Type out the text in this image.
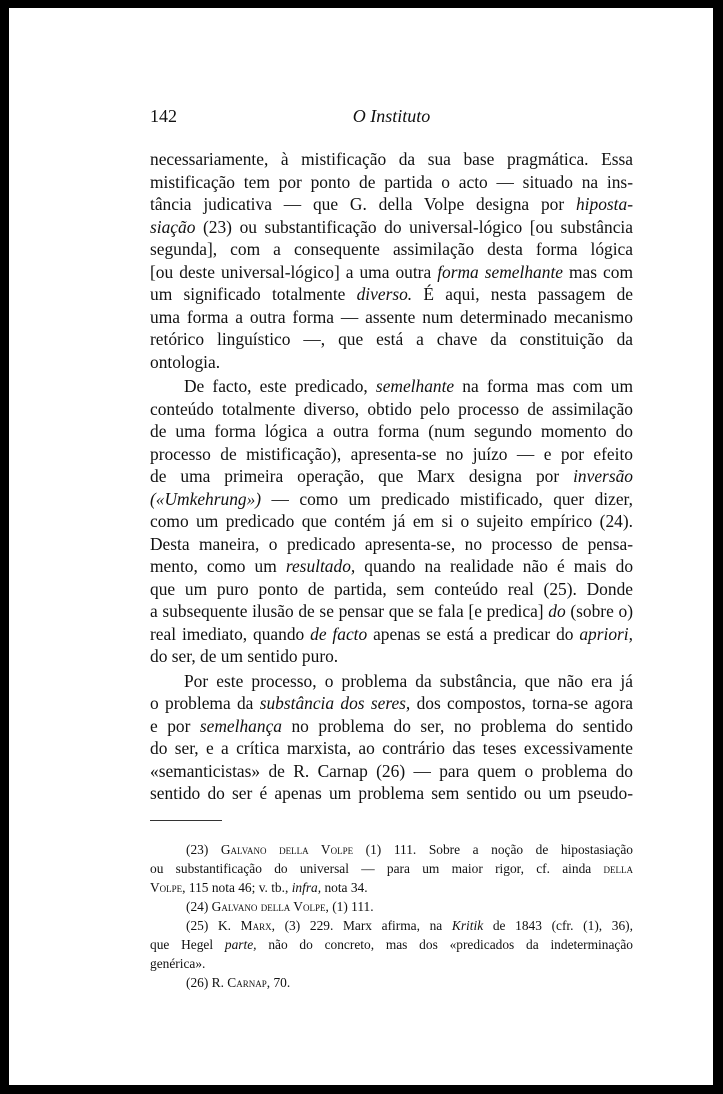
142	O Instituto
necessariamente, à mistificação da sua base pragmática. Essa
mistificação tem por ponto de partida o acto — situado na ins-
tância judicativa — que G. della Volpe designa por hiposta-
siação (23) ou substantificação do universal-lógico [ou substância
segunda], com a consequente assimilação desta forma lógica
[ou deste universal-lógico] a uma outra forma semelhante mas com
um significado totalmente diverso. É aqui, nesta passagem de
uma forma a outra forma — assente num determinado mecanismo
retórico linguístico —, que está a chave da constituição da
ontologia.
De facto, este predicado, semelhante na forma mas com um
conteúdo totalmente diverso, obtido pelo processo de assimilação
de uma forma lógica a outra forma (num segundo momento do
processo de mistificação), apresenta-se no juízo — e por efeito
de uma primeira operação, que Marx designa por inversão
(«Umkehrung») — como um predicado mistificado, quer dizer,
como um predicado que contém já em si o sujeito empírico (24).
Desta maneira, o predicado apresenta-se, no processo de pensa-
mento, como um resultado, quando na realidade não é mais do
que um puro ponto de partida, sem conteúdo real (25). Donde
a subsequente ilusão de se pensar que se fala [e predica] do (sobre o)
real imediato, quando de facto apenas se está a predicar do apriori,
do ser, de um sentido puro.
Por este processo, o problema da substância, que não era já
o problema da substância dos seres, dos compostos, torna-se agora
e por semelhança no problema do ser, no problema do sentido
do ser, e a crítica marxista, ao contrário das teses excessivamente
«semanticistas» de R. Carnap (26) — para quem o problema do
sentido do ser é apenas um problema sem sentido ou um pseudo-
(23) Galvano della Volpe (1) 111. Sobre a noção de hipostasiação
ou substantificação do universal — para um maior rigor, cf. ainda della
Volpe, 115 nota 46; v. tb., infra, nota 34.
(24) Galvano della Volpe, (1) 111.
(25) K. Marx, (3) 229. Marx afirma, na Kritik de 1843 (cfr. (1), 36),
que Hegel parte, não do concreto, mas dos «predicados da indeterminação
genérica».
(26) R. Carnap, 70.
